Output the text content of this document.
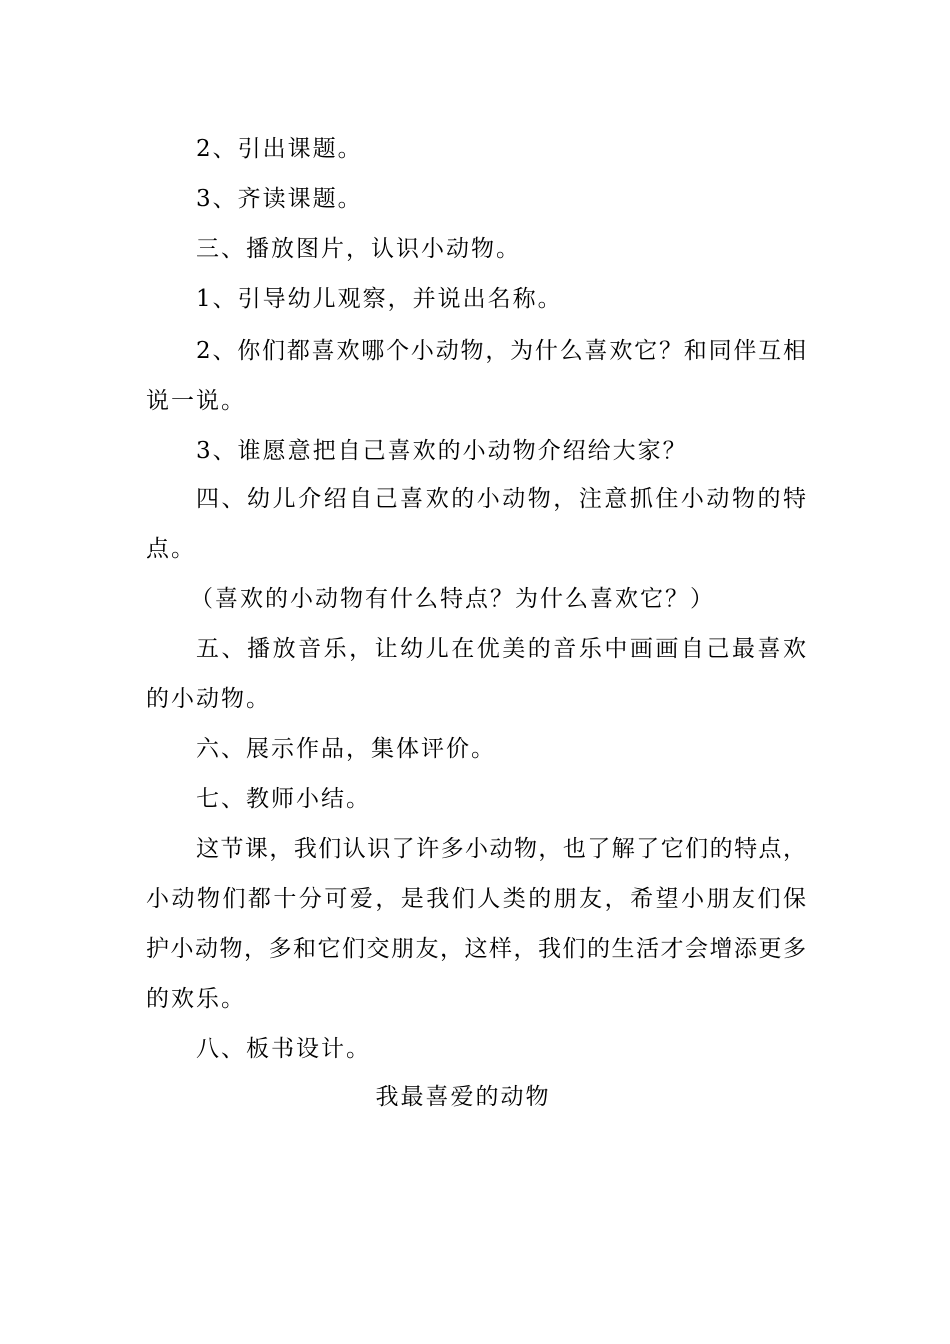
2、引出课题。
3、齐读课题。
三、播放图片，认识小动物。
1、引导幼儿观察，并说出名称。
2、你们都喜欢哪个小动物，为什么喜欢它？和同伴互相
说一说。
3、谁愿意把自己喜欢的小动物介绍给大家？
四、幼儿介绍自己喜欢的小动物，注意抓住小动物的特
点。
（喜欢的小动物有什么特点？为什么喜欢它？）
五、播放音乐，让幼儿在优美的音乐中画画自己最喜欢
的小动物。
六、展示作品，集体评价。
七、教师小结。
这节课，我们认识了许多小动物，也了解了它们的特点，
小动物们都十分可爱，是我们人类的朋友，希望小朋友们保
护小动物，多和它们交朋友，这样，我们的生活才会增添更多
的欢乐。
八、板书设计。
我最喜爱的动物
